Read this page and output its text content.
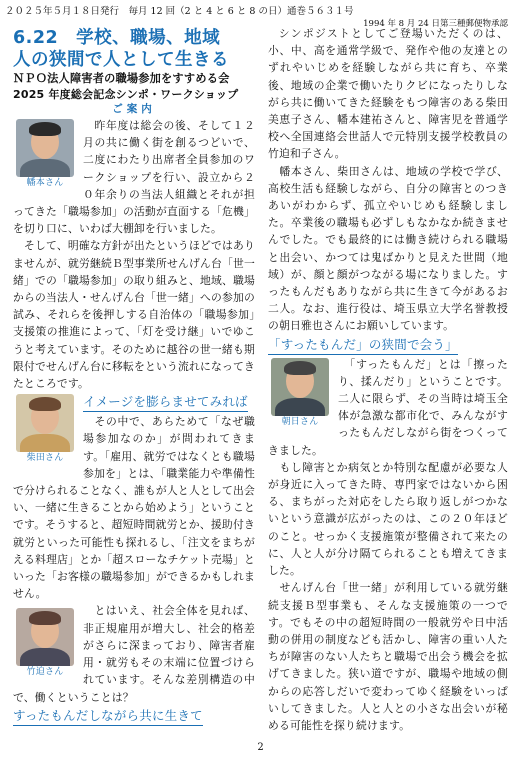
２０２５年５月１８日発行　毎月 12 回（2 と 4 と 6 と 8 の日）通巻５６３１号
1994 年 8 月 24 日第三種郵便物承認
6.22　学校、職場、地域
人の狭間で人として生きる
ＮＰＯ法人障害者の職場参加をすすめる会
2025 年度総会記念シンポ・ワークショップ
ご案内
幡本さん

　昨年度は総会の後、そして１２月の共に働く街を創るつどいで、二度にわたり出席者全員参加のワークショップを行い、設立から２０年余りの当法人組織とそれが担ってきた「職場参加」の活動が直面する「危機」を切り口に、いわば大棚卸を行いました。

　そして、明確な方針が出たというほどではありませんが、就労継続Ｂ型事業所せんげん台「世一緒」での「職場参加」の取り組みと、地域、職場からの当法人・せんげん台「世一緒」への参加の試み、それらを後押しする自治体の「職場参加」支援策の推進によって、「灯を受け継」いでゆこうと考えています。そのために越谷の世一緒も期限付でせんげん台に移転をという流れになってきたところです。

イメージを膨らませてみれば
柴田さん

　その中で、あらためて「なぜ職場参加なのか」が問われてきます。「雇用、就労ではなくとも職場参加を」とは、「職業能力や準備性で分けられることなく、誰もが人と人として出会い、一緒に生きることから始めよう」ということです。そうすると、超短時間就労とか、援助付き就労といった可能性も探れるし、「注文をまちがえる料理店」とか「超スローなチケット売場」といった「お客様の職場参加」ができるかもしれません。

竹迫さん

　とはいえ、社会全体を見れば、非正規雇用が増大し、社会的格差がさらに深まっており、障害者雇用・就労もその末端に位置づけられています。そんな差別構造の中で、働くということは？

すったもんだしながら共に生きて

シンポジストとしてご登場いただくのは、小、中、高を通常学級で、発作や他の友達とのずれやいじめを経験しながら共に育ち、卒業後、地域の企業で働いたりクビになったりしながら共に働いてきた経験をもつ障害のある柴田美恵子さん、幡本建祐さんと、障害児を普通学校へ全国連絡会世話人で元特別支援学校教員の竹迫和子さん。

　幡本さん、柴田さんは、地域の学校で学び、高校生活も経験しながら、自分の障害とのつきあいがわからず、孤立やいじめも経験しました。卒業後の職場も必ずしもなかなか続きませんでした。でも最終的には働き続けられる職場と出会い、かつては鬼ばかりと見えた世間（地域）が、顔と顔がつながる場になりました。すったもんだもありながら共に生きて今があるお二人。なお、進行役は、埼玉県立大学名誉教授の朝日雅也さんにお願いしています。

「すったもんだ」の狭間で会う」
朝日さん

　「すったもんだ」とは「擦ったり、揉んだり」ということです。二人に限らず、その当時は埼玉全体が急激な都市化で、みんながすったもんだしながら街をつくってきました。

　もし障害とか病気とか特別な配慮が必要な人が身近に入ってきた時、専門家ではないから困る、まちがった対応をしたら取り返しがつかないという意識が広がったのは、この２０年ほどのこと。せっかく支援施策が整備されて来たのに、人と人が分け隔てられることも増えてきました。

　せんげん台「世一緒」が利用している就労継続支援Ｂ型事業も、そんな支援施策の一つです。でもその中の超短時間の一般就労や日中活動の併用の制度なども活かし、障害の重い人たちが障害のない人たちと職場で出会う機会を拡げてきました。狭い道ですが、職場や地域の側からの応答しだいで変わってゆく経験をいっぱいしてきました。人と人との小さな出会いが秘める可能性を探り続けます。

2
